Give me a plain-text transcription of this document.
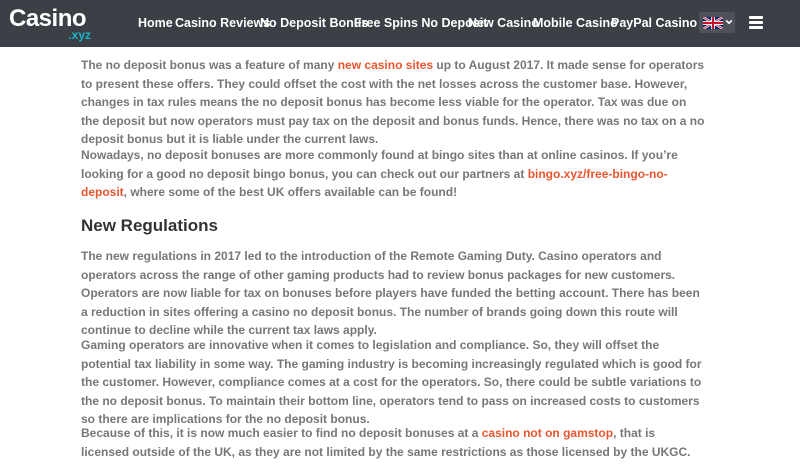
Casino
.xyz
Home Casino Reviews
No Deposit Bonus
Free Spins No Deposit
New Casino
Mobile Casino
PayPal Casino

The no deposit bonus was a feature of many new casino sites up to August 2017. It made sense for operators to present these offers. They could offset the cost with the net losses across the customer base. However, changes in tax rules means the no deposit bonus has become less viable for the operator. Tax was due on the deposit but now operators must pay tax on the deposit and bonus funds. Hence, there was no tax on a no deposit bonus but it is liable under the current laws.

Nowadays, no deposit bonuses are more commonly found at bingo sites than at online casinos. If you’re looking for a good no deposit bingo bonus, you can check out our partners at bingo.xyz/free-bingo-no-deposit, where some of the best UK offers available can be found!

New Regulations

The new regulations in 2017 led to the introduction of the Remote Gaming Duty. Casino operators and operators across the range of other gaming products had to review bonus packages for new customers. Operators are now liable for tax on bonuses before players have funded the betting account. There has been a reduction in sites offering a casino no deposit bonus. The number of brands going down this route will continue to decline while the current tax laws apply.

Gaming operators are innovative when it comes to legislation and compliance. So, they will offset the potential tax liability in some way. The gaming industry is becoming increasingly regulated which is good for the customer. However, compliance comes at a cost for the operators. So, there could be subtle variations to the no deposit bonus. To maintain their bottom line, operators tend to pass on increased costs to customers so there are implications for the no deposit bonus.

Because of this, it is now much easier to find no deposit bonuses at a casino not on gamstop, that is licensed outside of the UK, as they are not limited by the same restrictions as those licensed by the UKGC.
